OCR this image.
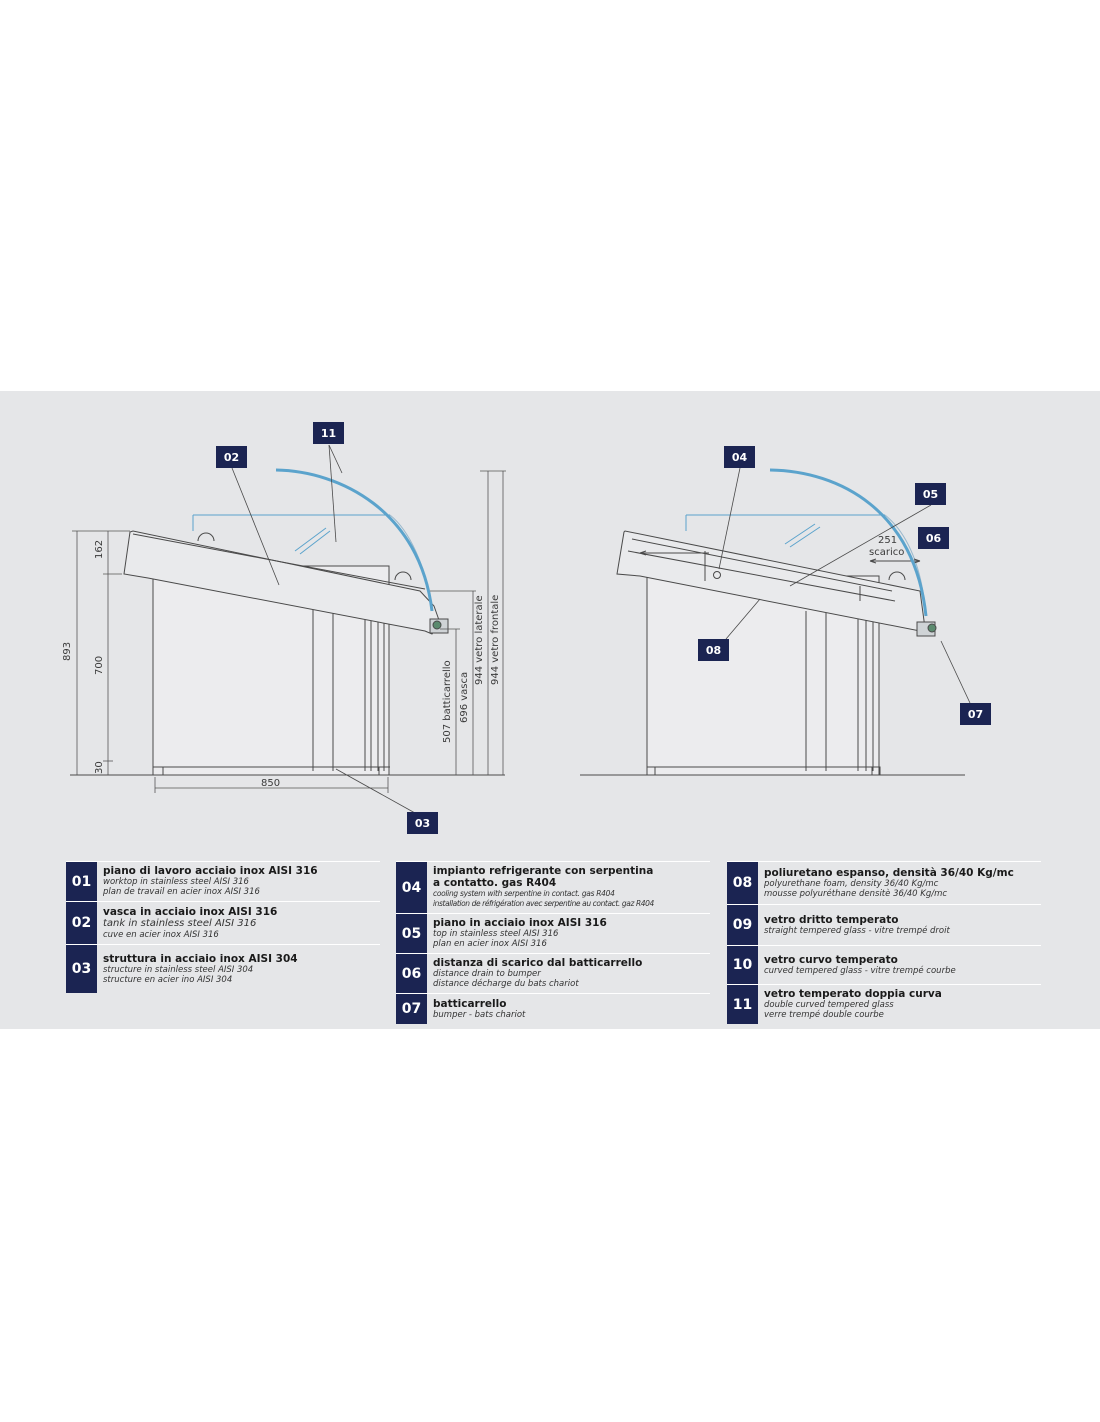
162
700
30
893
850
507 batticarrello 696 vasca
944 vetro laterale 944 vetro frontale
02
11
03
251
scarico
04
05
06
08
07
01
piano di lavoro acciaio inox AISI 316
worktop in stainless steel AISI 316
plan de travail en acier inox AISI 316
02
vasca in acciaio inox AISI 316
tank in stainless steel AISI 316
cuve en acier inox AISI 316
03
struttura in acciaio inox AISI 304
structure in stainless steel AISI 304
structure en acier ino AISI 304
04
impianto refrigerante con serpentina
a contatto. gas R404
cooling system with serpentine in contact. gas R404
installation de réfrigération avec serpentine au contact. gaz R404
05
piano in acciaio inox AISI 316
top in stainless steel AISI 316
plan en acier inox AISI 316
06
distanza di scarico dal batticarrello
distance drain to bumper
distance décharge du bats chariot
07	batticarrello
bumper - bats chariot
08
poliuretano espanso, densità 36/40 Kg/mc
polyurethane foam, density 36/40 Kg/mc
mousse polyuréthane densitè 36/40 Kg/mc
09	vetro dritto temperato
straight tempered glass - vitre trempé droit
10	vetro curvo temperato
curved tempered glass - vitre trempé courbe
11
vetro temperato doppia curva
double curved tempered glass
verre trempé double courbe
